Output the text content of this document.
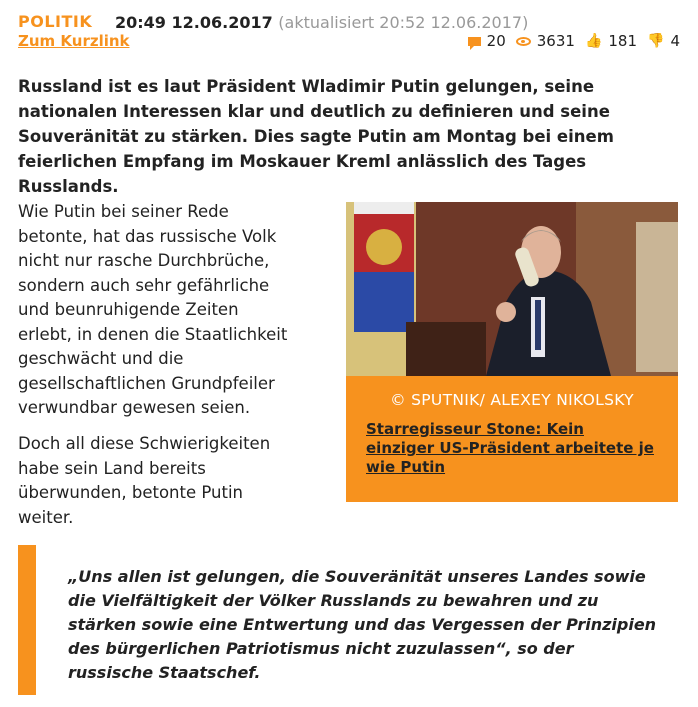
POLITIK 20:49 12.06.2017 (aktualisiert 20:52 12.06.2017)
Zum Kurzlink	20 3631 👍 181 👎 4
Russland ist es laut Präsident Wladimir Putin gelungen, seine nationalen Interessen klar und deutlich zu definieren und seine Souveränität zu stärken. Dies sagte Putin am Montag bei einem feierlichen Empfang im Moskauer Kreml anlässlich des Tages Russlands.
Wie Putin bei seiner Rede betonte, hat das russische Volk nicht nur rasche Durchbrüche, sondern auch sehr gefährliche und beunruhigende Zeiten erlebt, in denen die Staatlichkeit geschwächt und die gesellschaftlichen Grundpfeiler verwundbar gewesen seien.
Doch all diese Schwierigkeiten habe sein Land bereits überwunden, betonte Putin weiter.
© SPUTNIK/ ALEXEY NIKOLSKY
Starregisseur Stone: Kein einziger US-Präsident arbeitete je wie Putin
„Uns allen ist gelungen, die Souveränität unseres Landes sowie die Vielfältigkeit der Völker Russlands zu bewahren und zu stärken sowie eine Entwertung und das Vergessen der Prinzipien des bürgerlichen Patriotismus nicht zuzulassen“, so der russische Staatschef.
